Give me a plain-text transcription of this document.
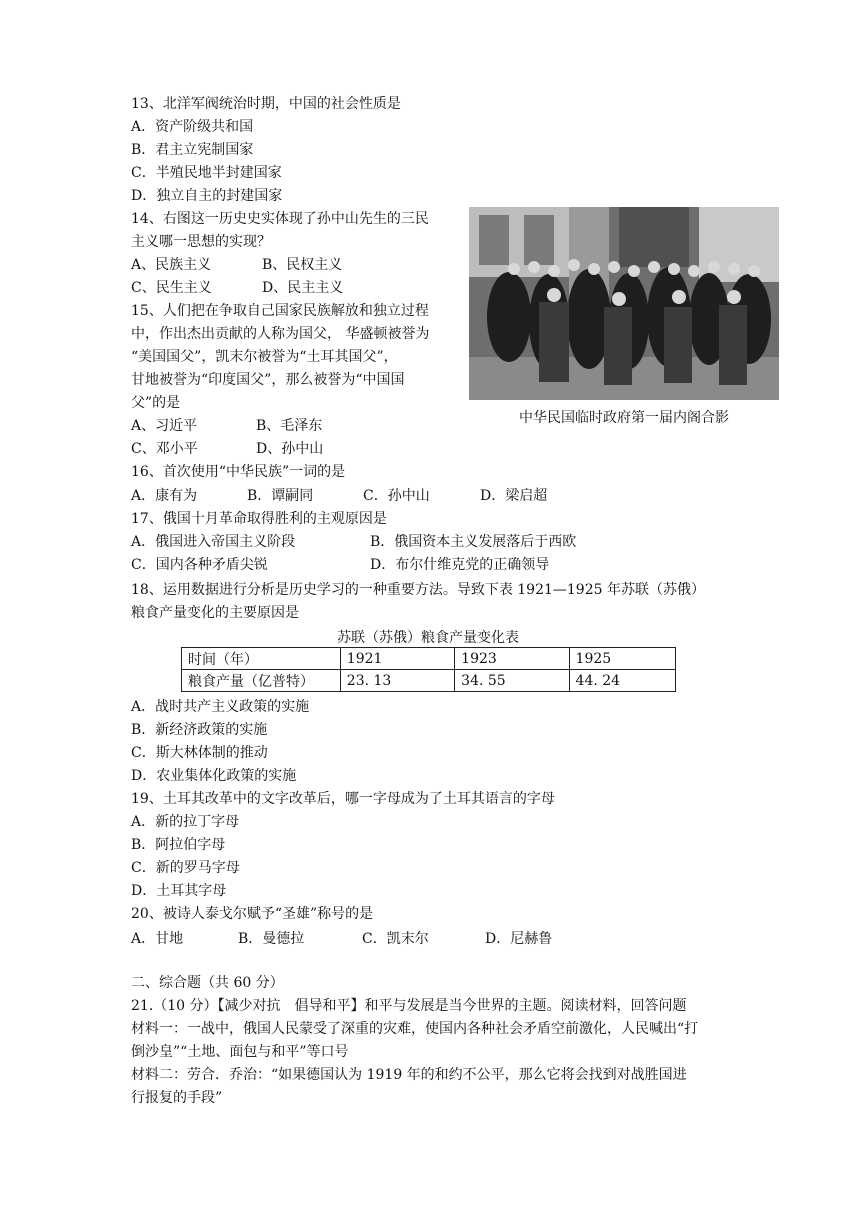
13、北洋军阀统治时期，中国的社会性质是
A．资产阶级共和国
B．君主立宪制国家
C．半殖民地半封建国家
D．独立自主的封建国家
14、右图这一历史史实体现了孙中山先生的三民
主义哪一思想的实现？
A、民族主义	B、民权主义
C、民生主义	D、民主主义
中华民国临时政府第一届内阁合影
15、人们把在争取自己国家民族解放和独立过程
中，作出杰出贡献的人称为国父， 华盛顿被誉为
“美国国父”，凯末尔被誉为“土耳其国父”，
甘地被誉为“印度国父”，那么被誉为“中国国
父”的是
A、习近平	B、毛泽东
C、邓小平	D、孙中山
16、首次使用“中华民族”一词的是
A．康有为	B．谭嗣同	C．孙中山	D．梁启超
17、俄国十月革命取得胜利的主观原因是
A．俄国进入帝国主义阶段	B．俄国资本主义发展落后于西欧
C．国内各种矛盾尖锐	D．布尔什维克党的正确领导
18、运用数据进行分析是历史学习的一种重要方法。导致下表 1921—1925 年苏联（苏俄）
粮食产量变化的主要原因是
苏联（苏俄）粮食产量变化表
时间（年）	1921	1923	1925
粮食产量（亿普特）	23. 13	34. 55	44. 24
A．战时共产主义政策的实施
B．新经济政策的实施
C．斯大林体制的推动
D．农业集体化政策的实施
19、土耳其改革中的文字改革后，哪一字母成为了土耳其语言的字母
A．新的拉丁字母
B．阿拉伯字母
C．新的罗马字母
D．土耳其字母
20、被诗人泰戈尔赋予“圣雄”称号的是
A．甘地	B．曼德拉	C．凯末尔	D．尼赫鲁
二、综合题（共 60 分）
21.（10 分）【减少对抗　倡导和平】和平与发展是当今世界的主题。阅读材料，回答问题
材料一：一战中，俄国人民蒙受了深重的灾难，使国内各种社会矛盾空前激化，人民喊出“打
倒沙皇”“土地、面包与和平”等口号
材料二：劳合．乔治：“如果德国认为 1919 年的和约不公平，那么它将会找到对战胜国进
行报复的手段”
